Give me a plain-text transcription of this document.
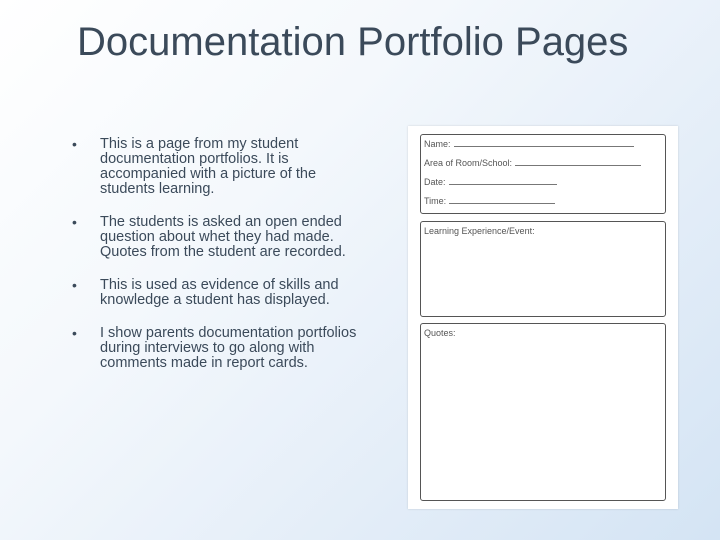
Documentation Portfolio Pages
•	This is a page from my student documentation portfolios. It is accompanied with a picture of the students learning.
•	The students is asked an open ended question about whet they had made. Quotes from the student are recorded.
•	This is used as evidence of skills and knowledge a student has displayed.
•	I show parents documentation portfolios during interviews to go along with comments made in report cards.
Name:
Area of Room/School:
Date:
Time:
Learning Experience/Event:
Quotes:
